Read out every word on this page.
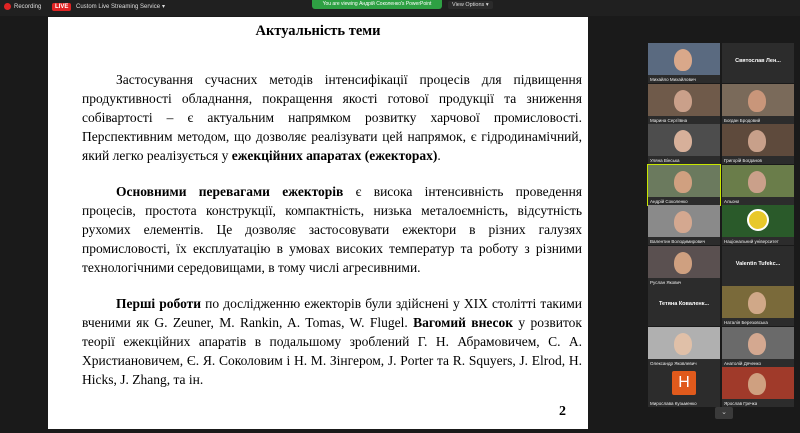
Recording	LIVE	Custom Live Streaming Service ▾	You are viewing Андрій Соколенко's PowerPoint	View Options ▾
Актуальність теми
Застосування сучасних методів інтенсифікації процесів для підвищення продуктивності обладнання, покращення якості готової продукції та зниження собівартості – є актуальним напрямком розвитку харчової промисловості. Перспективним методом, що дозволяє реалізувати цей напрямок, є гідродинамічний, який легко реалізується у ежекційних апаратах (ежекторах).
Основними перевагами ежекторів є висока інтенсивність проведення процесів, простота конструкції, компактність, низька металоємність, відсутність рухомих елементів. Це дозволяє застосовувати ежектори в різних галузях промисловості, їх експлуатацію в умовах високих температур та роботу з різними технологічними середовищами, в тому числі агресивними.
Перші роботи по дослідженню ежекторів були здійснені у XIX столітті такими вченими як G. Zeuner, M. Rankin, A. Tomas, W. Flugel. Вагомий внесок у розвиток теорії ежекційних апаратів в подальшому зроблений Г. Н. Абрамовичем, С. А. Христиановичем, Є. Я. Соколовим і Н. М. Зінгером, J. Porter та R. Squyers, J. Elrod, H. Hicks, J. Zhang, та ін.
2
Михайло Михайлович
Святослав Лен...
Марина Сергіївна	Богдан Бродовий
Уляна Вінська	Григорій Богданов
Андрій Соколенко	Альона
Валентин Володимирович	Національний університет
Руслан Якович
Valentin Tufekc...
Тетяна Коваленк...
Наталія Березовська
Олександр Яковлевич	Анатолій Дяченко
H
Мирослава Кузьменко	Ярослав Гречка
⌄
